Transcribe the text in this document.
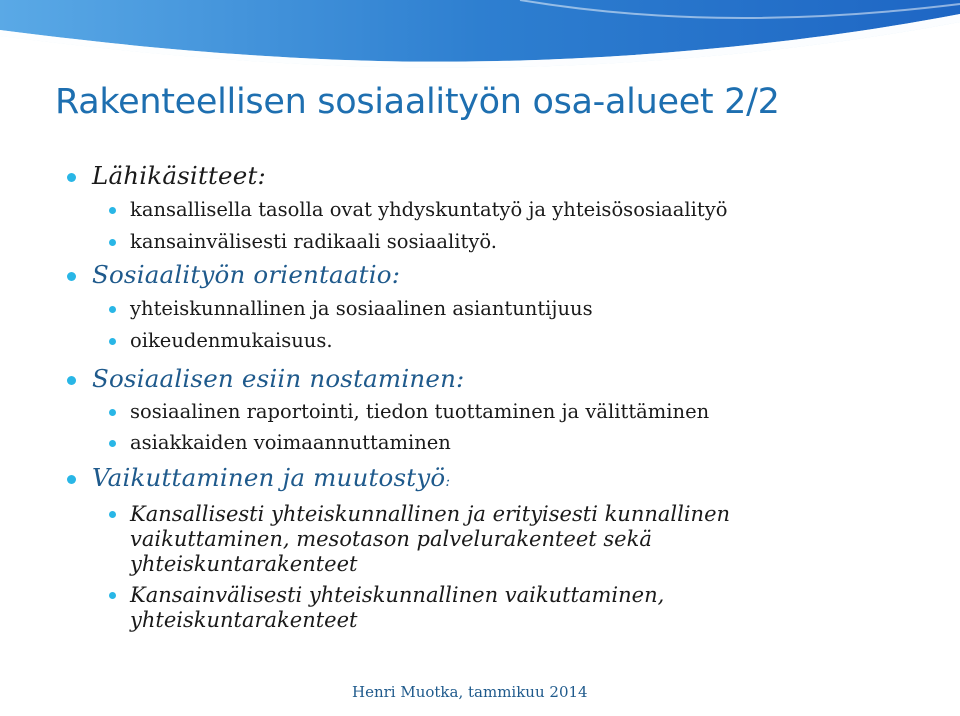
Rakenteellisen sosiaalityön osa-alueet 2/2
Lähikäsitteet:
kansallisella tasolla ovat yhdyskuntatyö ja yhteisösosiaalityö
kansainvälisesti radikaali sosiaalityö.
Sosiaalityön orientaatio:
yhteiskunnallinen ja sosiaalinen asiantuntijuus
oikeudenmukaisuus.
Sosiaalisen esiin nostaminen:
sosiaalinen raportointi, tiedon tuottaminen ja välittäminen
asiakkaiden voimaannuttaminen
Vaikuttaminen ja muutostyö:
Kansallisesti yhteiskunnallinen ja erityisesti kunnallinen
vaikuttaminen, mesotason palvelurakenteet sekä
yhteiskuntarakenteet
Kansainvälisesti yhteiskunnallinen vaikuttaminen,
yhteiskuntarakenteet
Henri Muotka, tammikuu 2014
